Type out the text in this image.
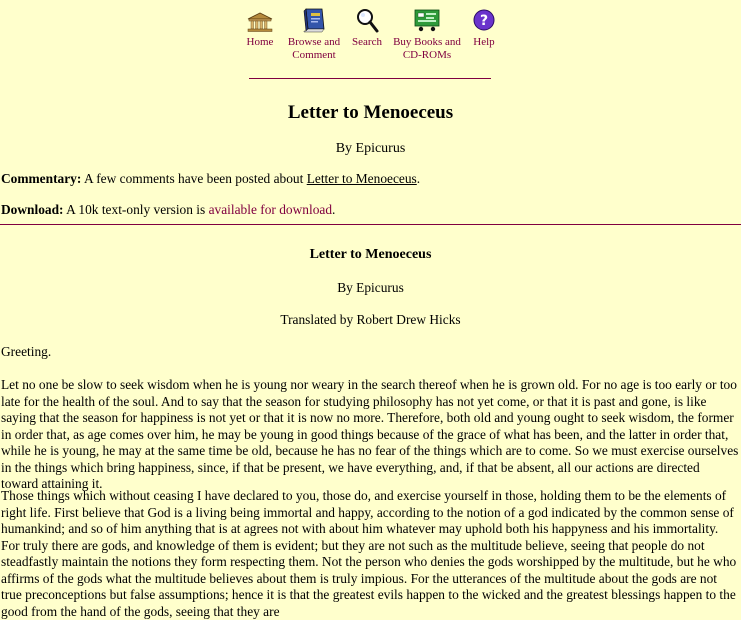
Home Browse and
Comment
Search Buy Books and
CD-ROMs
?
Help
Letter to Menoeceus
By Epicurus
Commentary: A few comments have been posted about Letter to Menoeceus.
Download: A 10k text-only version is available for download.
Letter to Menoeceus
By Epicurus
Translated by Robert Drew Hicks
Greeting.

Let no one be slow to seek wisdom when he is young nor weary in the search thereof when he is grown old. For no age is too early or too late for the health of the soul. And to say that the season for studying philosophy has not yet come, or that it is past and gone, is like saying that the season for happiness is not yet or that it is now no more. Therefore, both old and young ought to seek wisdom, the former in order that, as age comes over him, he may be young in good things because of the grace of what has been, and the latter in order that, while he is young, he may at the same time be old, because he has no fear of the things which are to come. So we must exercise ourselves in the things which bring happiness, since, if that be present, we have everything, and, if that be absent, all our actions are directed toward attaining it.

Those things which without ceasing I have declared to you, those do, and exercise yourself in those, holding them to be the elements of right life. First believe that God is a living being immortal and happy, according to the notion of a god indicated by the common sense of humankind; and so of him anything that is at agrees not with about him whatever may uphold both his happyness and his immortality. For truly there are gods, and knowledge of them is evident; but they are not such as the multitude believe, seeing that people do not steadfastly maintain the notions they form respecting them. Not the person who denies the gods worshipped by the multitude, but he who affirms of the gods what the multitude believes about them is truly impious. For the utterances of the multitude about the gods are not true preconceptions but false assumptions; hence it is that the greatest evils happen to the wicked and the greatest blessings happen to the good from the hand of the gods, seeing that they are
